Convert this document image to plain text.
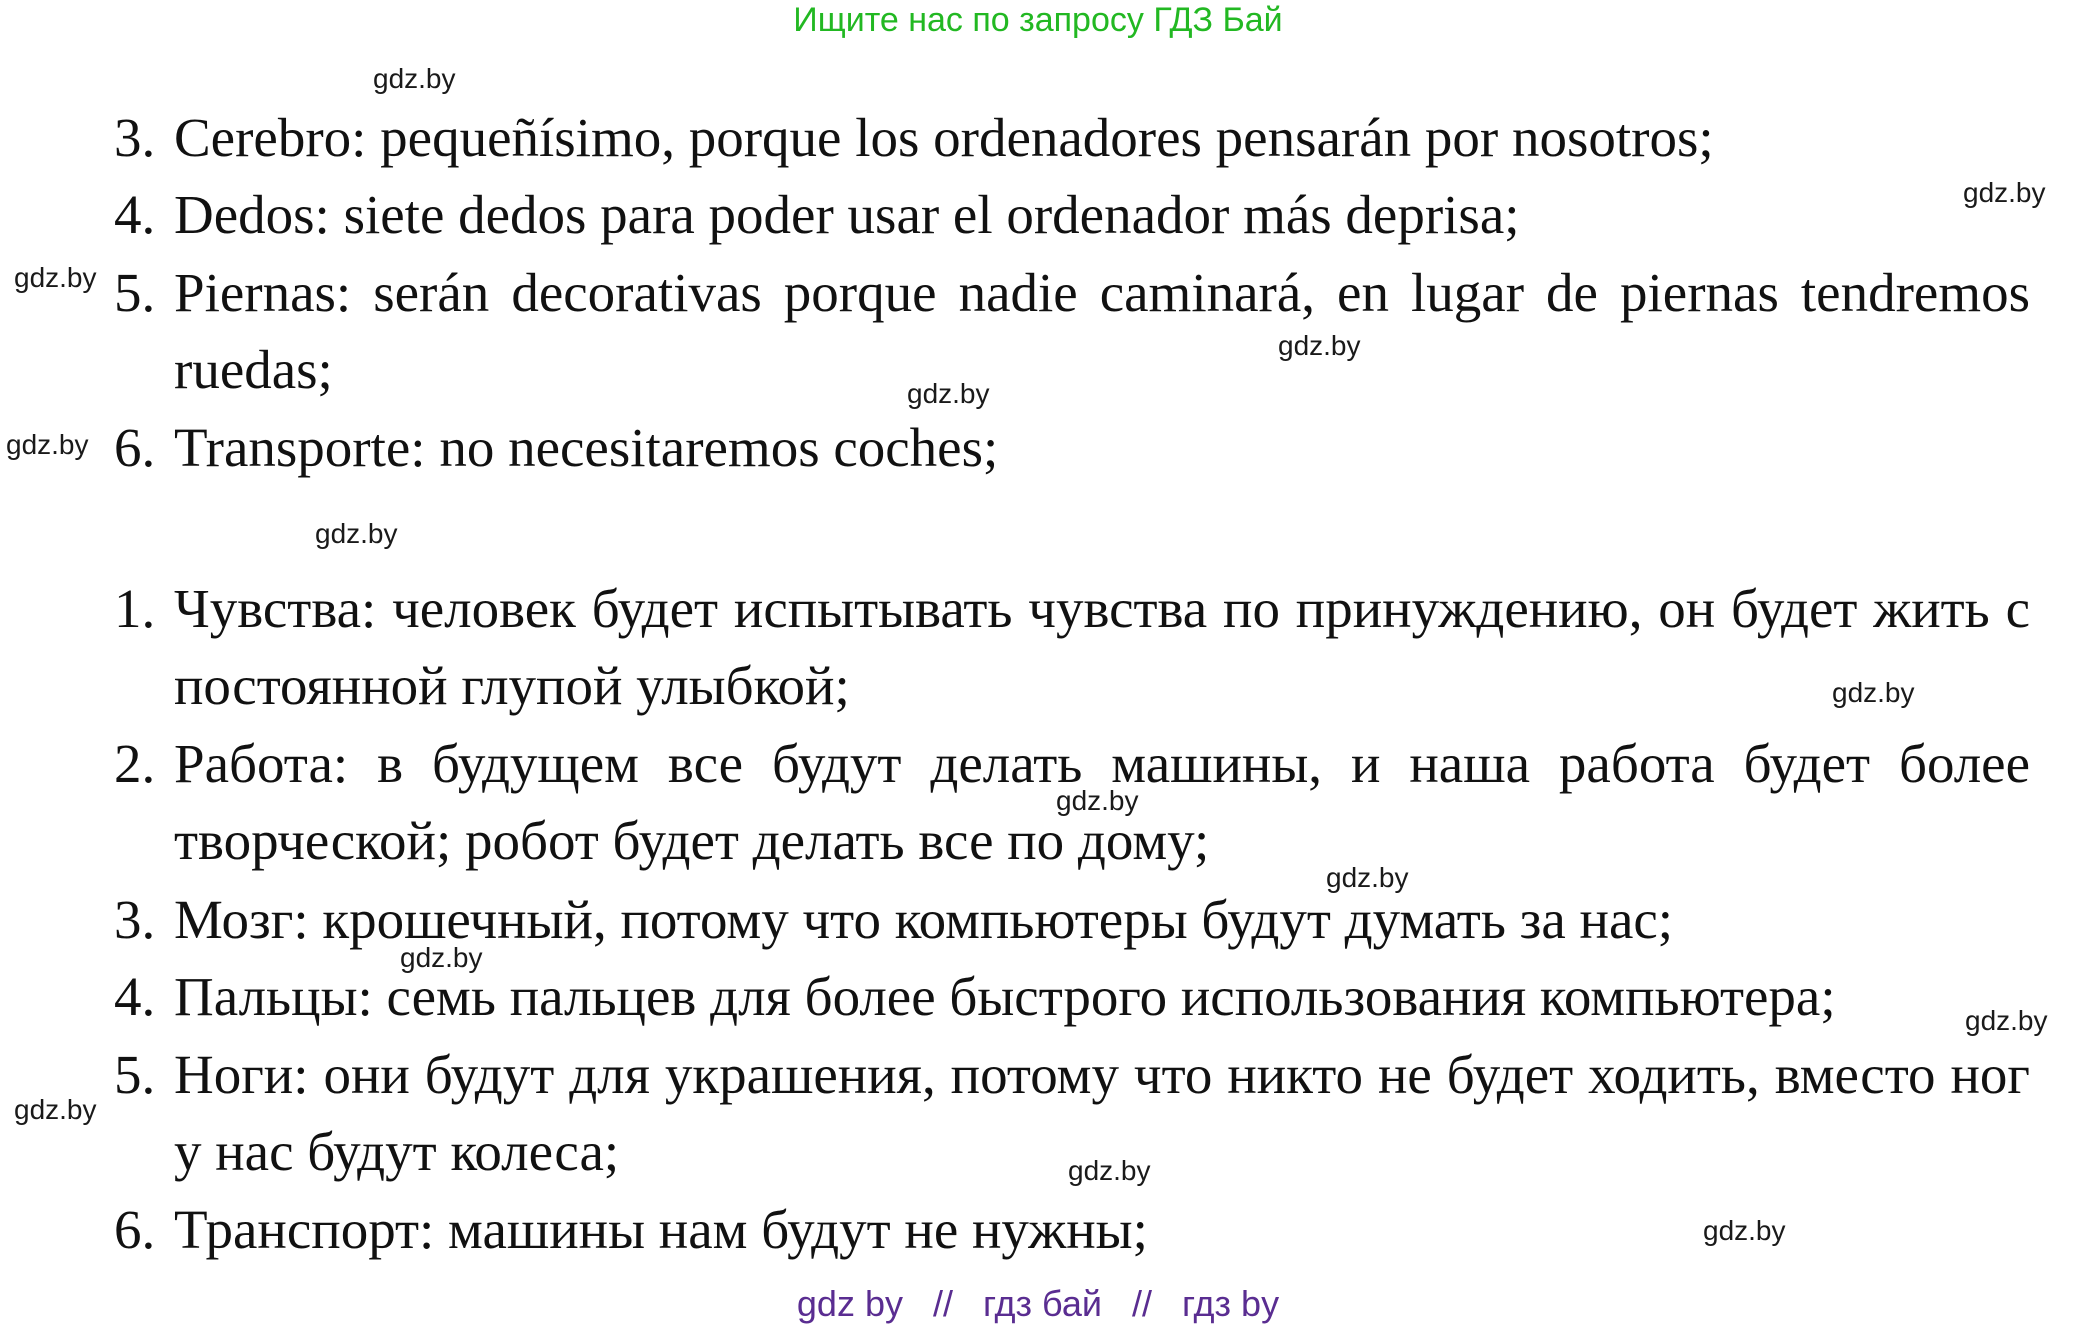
Ищите нас по запросу ГДЗ Бай
3. Cerebro: pequeñísimo, porque los ordenadores pensarán por nosotros;
4. Dedos: siete dedos para poder usar el ordenador más deprisa;
5. Piernas: serán decorativas porque nadie caminará, en lugar de piernas tendremos ruedas;
6. Transporte: no necesitaremos coches;
1. Чувства: человек будет испытывать чувства по принуждению, он будет жить с постоянной глупой улыбкой;
2. Работа: в будущем все будут делать машины, и наша работа будет более творческой; робот будет делать все по дому;
3. Мозг: крошечный, потому что компьютеры будут думать за нас;
4. Пальцы: семь пальцев для более быстрого использования компьютера;
5. Ноги: они будут для украшения, потому что никто не будет ходить, вместо ног у нас будут колеса;
6. Транспорт: машины нам будут не нужны;
gdz.by
gdz.by
gdz.by
gdz.by
gdz.by
gdz.by
gdz.by
gdz.by
gdz.by
gdz.by
gdz.by
gdz.by
gdz.by
gdz.by
gdz.by
gdz by // гдз бай // гдз by
